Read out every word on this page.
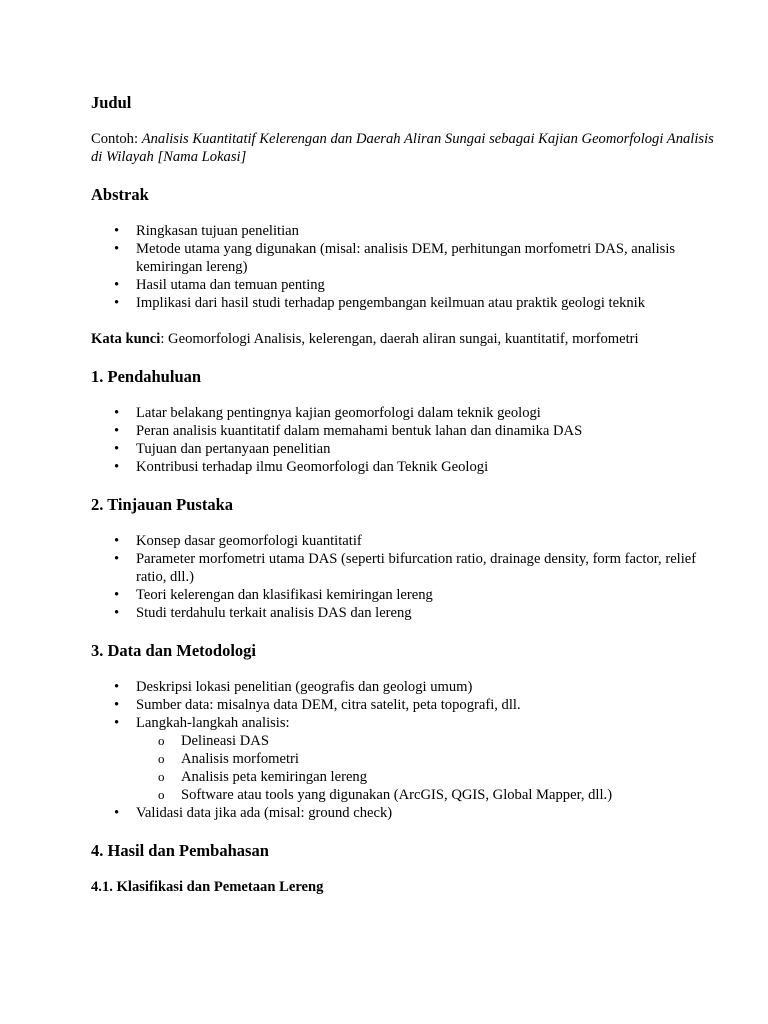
Judul

Contoh: Analisis Kuantitatif Kelerengan dan Daerah Aliran Sungai sebagai Kajian Geomorfologi Analisis di Wilayah [Nama Lokasi]

Abstrak
• Ringkasan tujuan penelitian
• Metode utama yang digunakan (misal: analisis DEM, perhitungan morfometri DAS, analisis kemiringan lereng)
• Hasil utama dan temuan penting
• Implikasi dari hasil studi terhadap pengembangan keilmuan atau praktik geologi teknik

Kata kunci: Geomorfologi Analisis, kelerengan, daerah aliran sungai, kuantitatif, morfometri

1. Pendahuluan
• Latar belakang pentingnya kajian geomorfologi dalam teknik geologi
• Peran analisis kuantitatif dalam memahami bentuk lahan dan dinamika DAS
• Tujuan dan pertanyaan penelitian
• Kontribusi terhadap ilmu Geomorfologi dan Teknik Geologi
2. Tinjauan Pustaka
• Konsep dasar geomorfologi kuantitatif
• Parameter morfometri utama DAS (seperti bifurcation ratio, drainage density, form factor, relief ratio, dll.)
• Teori kelerengan dan klasifikasi kemiringan lereng
• Studi terdahulu terkait analisis DAS dan lereng
3. Data dan Metodologi
• Deskripsi lokasi penelitian (geografis dan geologi umum)
• Sumber data: misalnya data DEM, citra satelit, peta topografi, dll.
• Langkah-langkah analisis:
o Delineasi DAS
o Analisis morfometri
o Analisis peta kemiringan lereng
o Software atau tools yang digunakan (ArcGIS, QGIS, Global Mapper, dll.)
• Validasi data jika ada (misal: ground check)
4. Hasil dan Pembahasan
4.1. Klasifikasi dan Pemetaan Lereng
